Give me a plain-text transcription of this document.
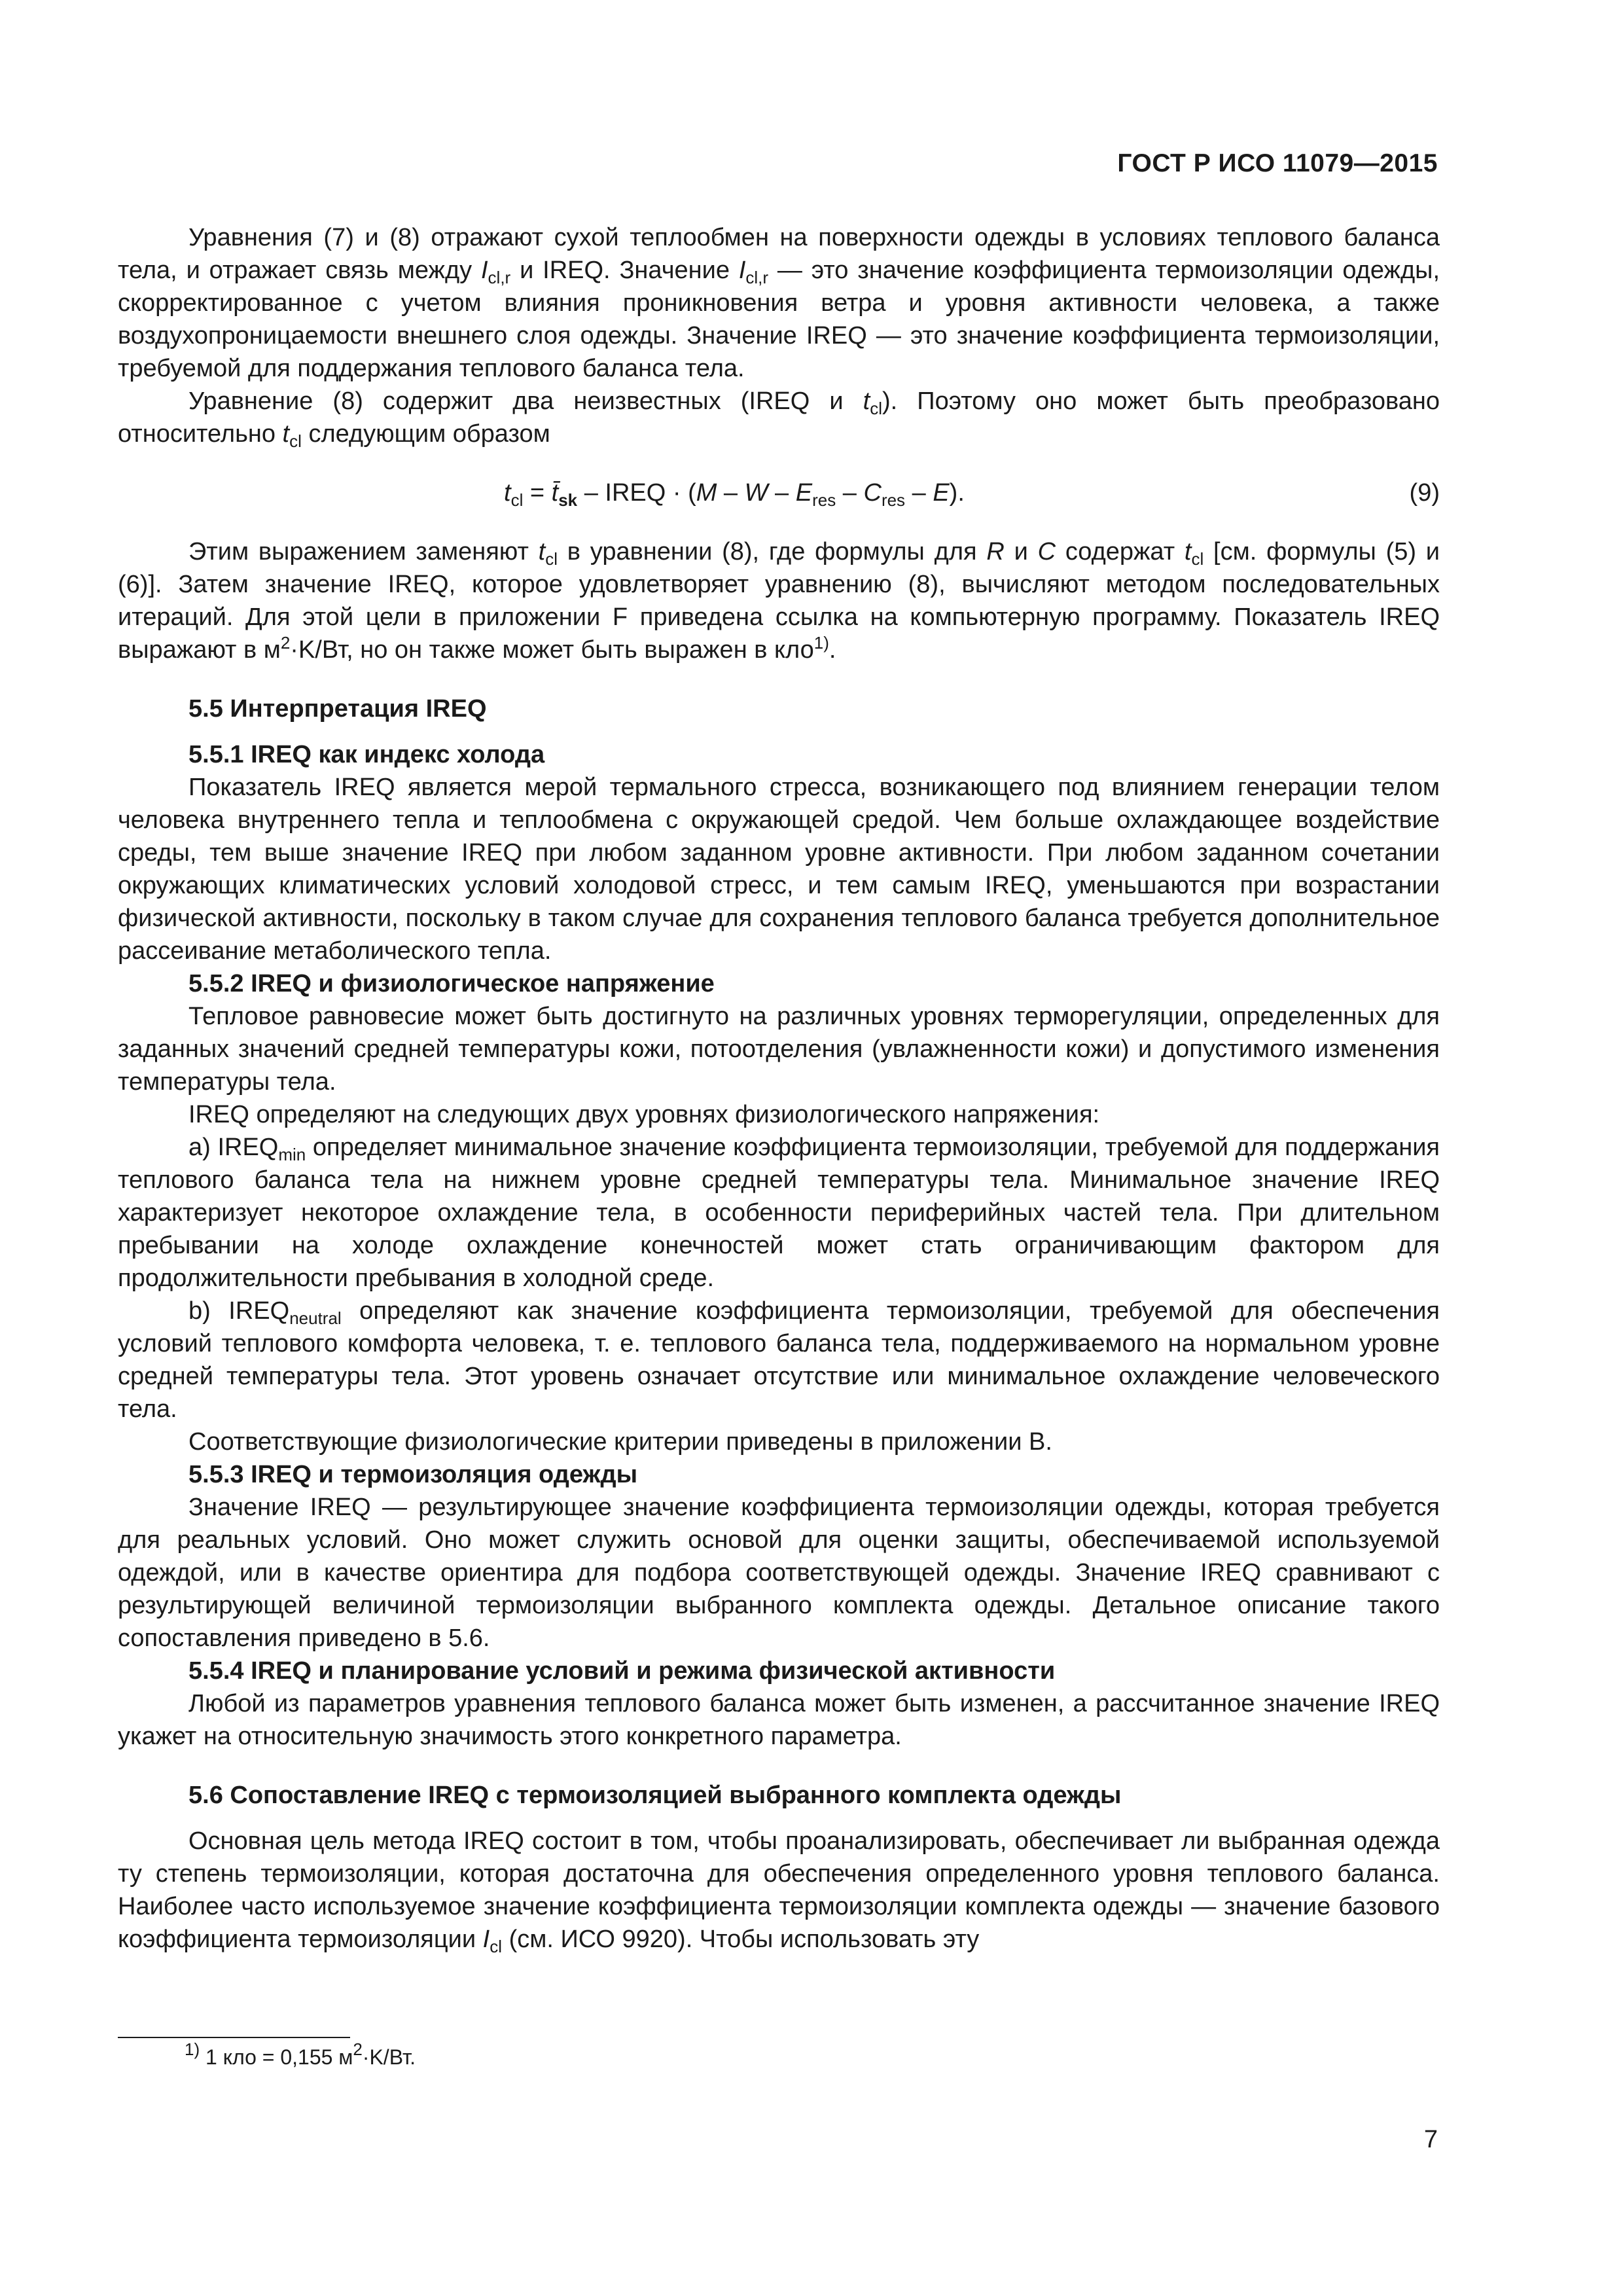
ГОСТ Р ИСО 11079—2015

Уравнения (7) и (8) отражают сухой теплообмен на поверхности одежды в условиях теплового баланса тела, и отражает связь между $I_{cl,r}$ и IREQ. Значение $I_{cl,r}$ — это значение коэффициента термоизоляции одежды, скорректированное с учетом влияния проникновения ветра и уровня активности человека, а также воздухопроницаемости внешнего слоя одежды. Значение IREQ — это значение коэффициента термоизоляции, требуемой для поддержания теплового баланса тела.

Уравнение (8) содержит два неизвестных (IREQ и $t_{cl}$). Поэтому оно может быть преобразовано относительно $t_{cl}$ следующим образом

$t_{cl}$ = $t̄_{sk}$ – IREQ · (M – W – $E_{res} - C_{res} - E$).	(9)

Этим выражением заменяют $t_{cl}$ в уравнении (8), где формулы для R и C содержат $t_{cl}$ [см. формулы (5) и (6)]. Затем значение IREQ, которое удовлетворяет уравнению (8), вычисляют методом последовательных итераций. Для этой цели в приложении F приведена ссылка на компьютерную программу. Показатель IREQ выражают в $м^2\cdot K/Вт$, но он также может быть выражен в кло$^{1)}$.

5.5 Интерпретация IREQ
5.5.1 IREQ как индекс холода

Показатель IREQ является мерой термального стресса, возникающего под влиянием генерации телом человека внутреннего тепла и теплообмена с окружающей средой. Чем больше охлаждающее воздействие среды, тем выше значение IREQ при любом заданном уровне активности. При любом заданном сочетании окружающих климатических условий холодовой стресс, и тем самым IREQ, уменьшаются при возрастании физической активности, поскольку в таком случае для сохранения теплового баланса требуется дополнительное рассеивание метаболического тепла.

5.5.2 IREQ и физиологическое напряжение

Тепловое равновесие может быть достигнуто на различных уровнях терморегуляции, определенных для заданных значений средней температуры кожи, потоотделения (увлажненности кожи) и допустимого изменения температуры тела.

IREQ определяют на следующих двух уровнях физиологического напряжения:

а) $IREQ_{min}$ определяет минимальное значение коэффициента термоизоляции, требуемой для поддержания теплового баланса тела на нижнем уровне средней температуры тела. Минимальное значение IREQ характеризует некоторое охлаждение тела, в особенности периферийных частей тела. При длительном пребывании на холоде охлаждение конечностей может стать ограничивающим фактором для продолжительности пребывания в холодной среде.

b) $IREQ_{neutral}$ определяют как значение коэффициента термоизоляции, требуемой для обеспечения условий теплового комфорта человека, т. е. теплового баланса тела, поддерживаемого на нормальном уровне средней температуры тела. Этот уровень означает отсутствие или минимальное охлаждение человеческого тела.

Соответствующие физиологические критерии приведены в приложении В.

5.5.3 IREQ и термоизоляция одежды

Значение IREQ — результирующее значение коэффициента термоизоляции одежды, которая требуется для реальных условий. Оно может служить основой для оценки защиты, обеспечиваемой используемой одеждой, или в качестве ориентира для подбора соответствующей одежды. Значение IREQ сравнивают с результирующей величиной термоизоляции выбранного комплекта одежды. Детальное описание такого сопоставления приведено в 5.6.

5.5.4 IREQ и планирование условий и режима физической активности

Любой из параметров уравнения теплового баланса может быть изменен, а рассчитанное значение IREQ укажет на относительную значимость этого конкретного параметра.

5.6 Сопоставление IREQ с термоизоляцией выбранного комплекта одежды

Основная цель метода IREQ состоит в том, чтобы проанализировать, обеспечивает ли выбранная одежда ту степень термоизоляции, которая достаточна для обеспечения определенного уровня теплового баланса. Наиболее часто используемое значение коэффициента термоизоляции комплекта одежды — значение базового коэффициента термоизоляции $I_{cl}$ (см. ИСО 9920). Чтобы использовать эту

$^{1)}$ 1 кло = 0,155 $м^2\cdot K/Вт$.
7
